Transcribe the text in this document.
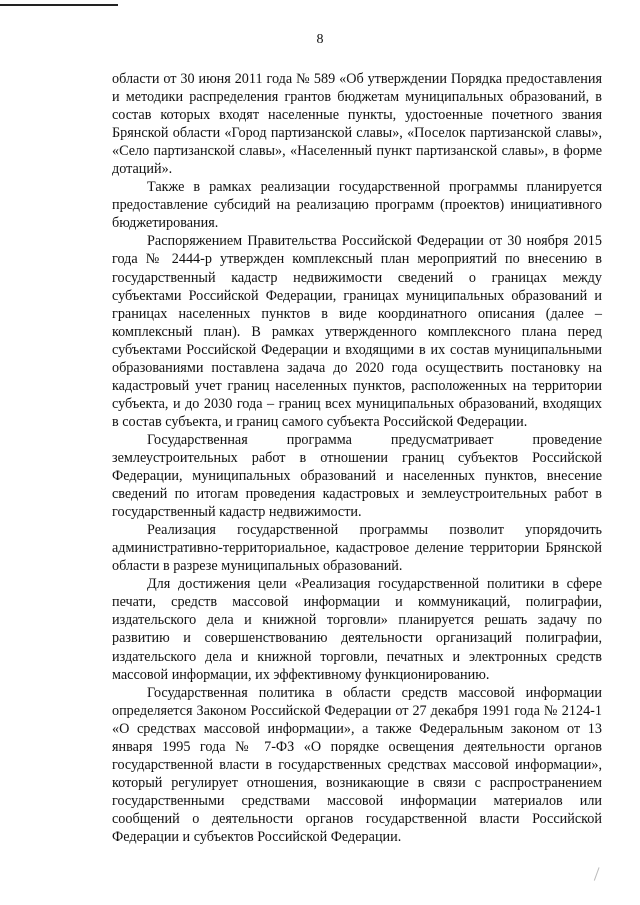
8

области от 30 июня 2011 года № 589 «Об утверждении Порядка предоставления и методики распределения грантов бюджетам муниципальных образований, в состав которых входят населенные пункты, удостоенные почетного звания Брянской области «Город партизанской славы», «Поселок партизанской славы», «Село партизанской славы», «Населенный пункт партизанской славы», в форме дотаций».

Также в рамках реализации государственной программы планируется предоставление субсидий на реализацию программ (проектов) инициативного бюджетирования.

Распоряжением Правительства Российской Федерации от 30 ноября 2015 года № 2444-р утвержден комплексный план мероприятий по внесению в государственный кадастр недвижимости сведений о границах между субъектами Российской Федерации, границах муниципальных образований и границах населенных пунктов в виде координатного описания (далее – комплексный план). В рамках утвержденного комплексного плана перед субъектами Российской Федерации и входящими в их состав муниципальными образованиями поставлена задача до 2020 года осуществить постановку на кадастровый учет границ населенных пунктов, расположенных на территории субъекта, и до 2030 года – границ всех муниципальных образований, входящих в состав субъекта, и границ самого субъекта Российской Федерации.

Государственная программа предусматривает проведение землеустроительных работ в отношении границ субъектов Российской Федерации, муниципальных образований и населенных пунктов, внесение сведений по итогам проведения кадастровых и землеустроительных работ в государственный кадастр недвижимости.

Реализация государственной программы позволит упорядочить административно-территориальное, кадастровое деление территории Брянской области в разрезе муниципальных образований.

Для достижения цели «Реализация государственной политики в сфере печати, средств массовой информации и коммуникаций, полиграфии, издательского дела и книжной торговли» планируется решать задачу по развитию и совершенствованию деятельности организаций полиграфии, издательского дела и книжной торговли, печатных и электронных средств массовой информации, их эффективному функционированию.

Государственная политика в области средств массовой информации определяется Законом Российской Федерации от 27 декабря 1991 года № 2124-1 «О средствах массовой информации», а также Федеральным законом от 13 января 1995 года № 7-ФЗ «О порядке освещения деятельности органов государственной власти в государственных средствах массовой информации», который регулирует отношения, возникающие в связи с распространением государственными средствами массовой информации материалов или сообщений о деятельности органов государственной власти Российской Федерации и субъектов Российской Федерации.
